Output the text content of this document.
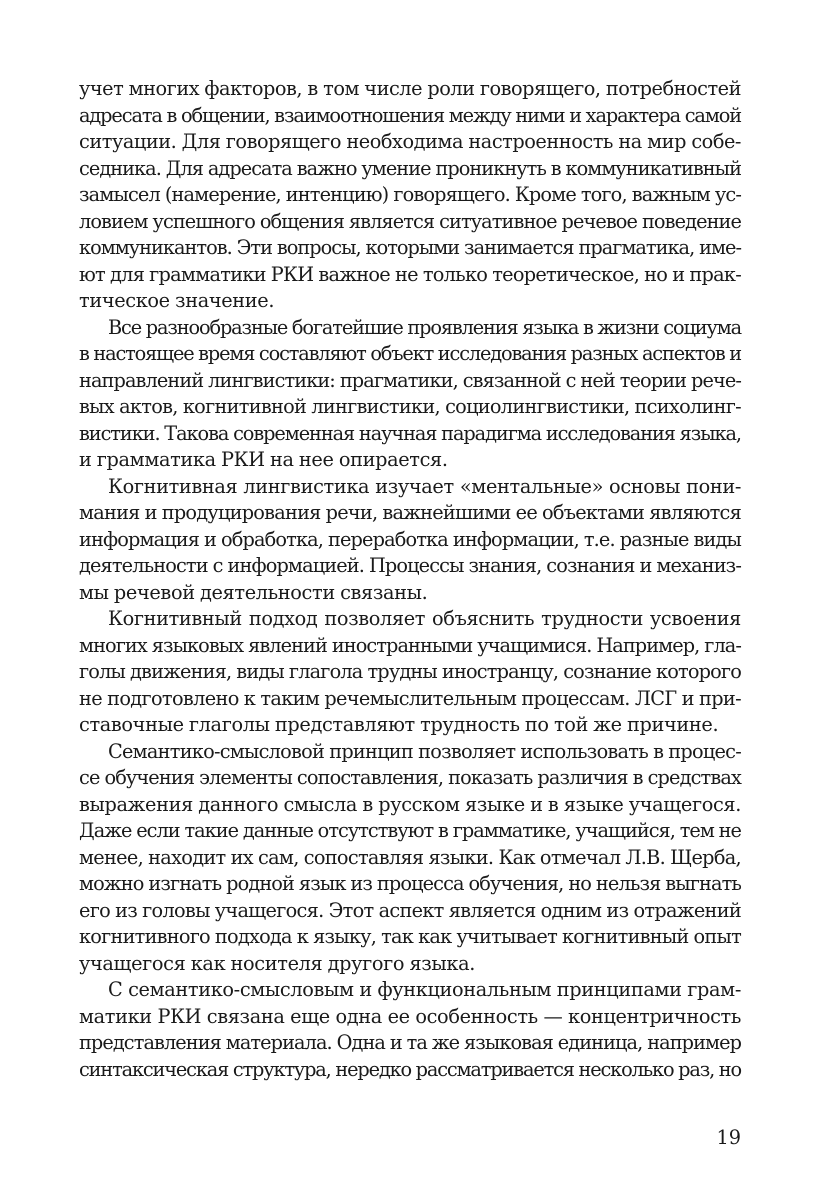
учет многих факторов, в том числе роли говорящего, потребностей
адресата в общении, взаимоотношения между ними и характера самой
ситуации. Для говорящего необходима настроенность на мир собе-
седника. Для адресата важно умение проникнуть в коммуникативный
замысел (намерение, интенцию) говорящего. Кроме того, важным ус-
ловием успешного общения является ситуативное речевое поведение
коммуникантов. Эти вопросы, которыми занимается прагматика, име-
ют для грамматики РКИ важное не только теоретическое, но и прак-
тическое значение.
Все разнообразные богатейшие проявления языка в жизни социума
в настоящее время составляют объект исследования разных аспектов и
направлений лингвистики: прагматики, связанной с ней теории рече-
вых актов, когнитивной лингвистики, социолингвистики, психолинг-
вистики. Такова современная научная парадигма исследования языка,
и грамматика РКИ на нее опирается.
Когнитивная лингвистика изучает «ментальные» основы пони-
мания и продуцирования речи, важнейшими ее объектами являются
информация и обработка, переработка информации, т.е. разные виды
деятельности с информацией. Процессы знания, сознания и механиз-
мы речевой деятельности связаны.
Когнитивный подход позволяет объяснить трудности усвоения
многих языковых явлений иностранными учащимися. Например, гла-
голы движения, виды глагола трудны иностранцу, сознание которого
не подготовлено к таким речемыслительным процессам. ЛСГ и при-
ставочные глаголы представляют трудность по той же причине.
Семантико-смысловой принцип позволяет использовать в процес-
се обучения элементы сопоставления, показать различия в средствах
выражения данного смысла в русском языке и в языке учащегося.
Даже если такие данные отсутствуют в грамматике, учащийся, тем не
менее, находит их сам, сопоставляя языки. Как отмечал Л.В. Щерба,
можно изгнать родной язык из процесса обучения, но нельзя выгнать
его из головы учащегося. Этот аспект является одним из отражений
когнитивного подхода к языку, так как учитывает когнитивный опыт
учащегося как носителя другого языка.
С семантико-смысловым и функциональным принципами грам-
матики РКИ связана еще одна ее особенность — концентричность
представления материала. Одна и та же языковая единица, например
синтаксическая структура, нередко рассматривается несколько раз, но
19
